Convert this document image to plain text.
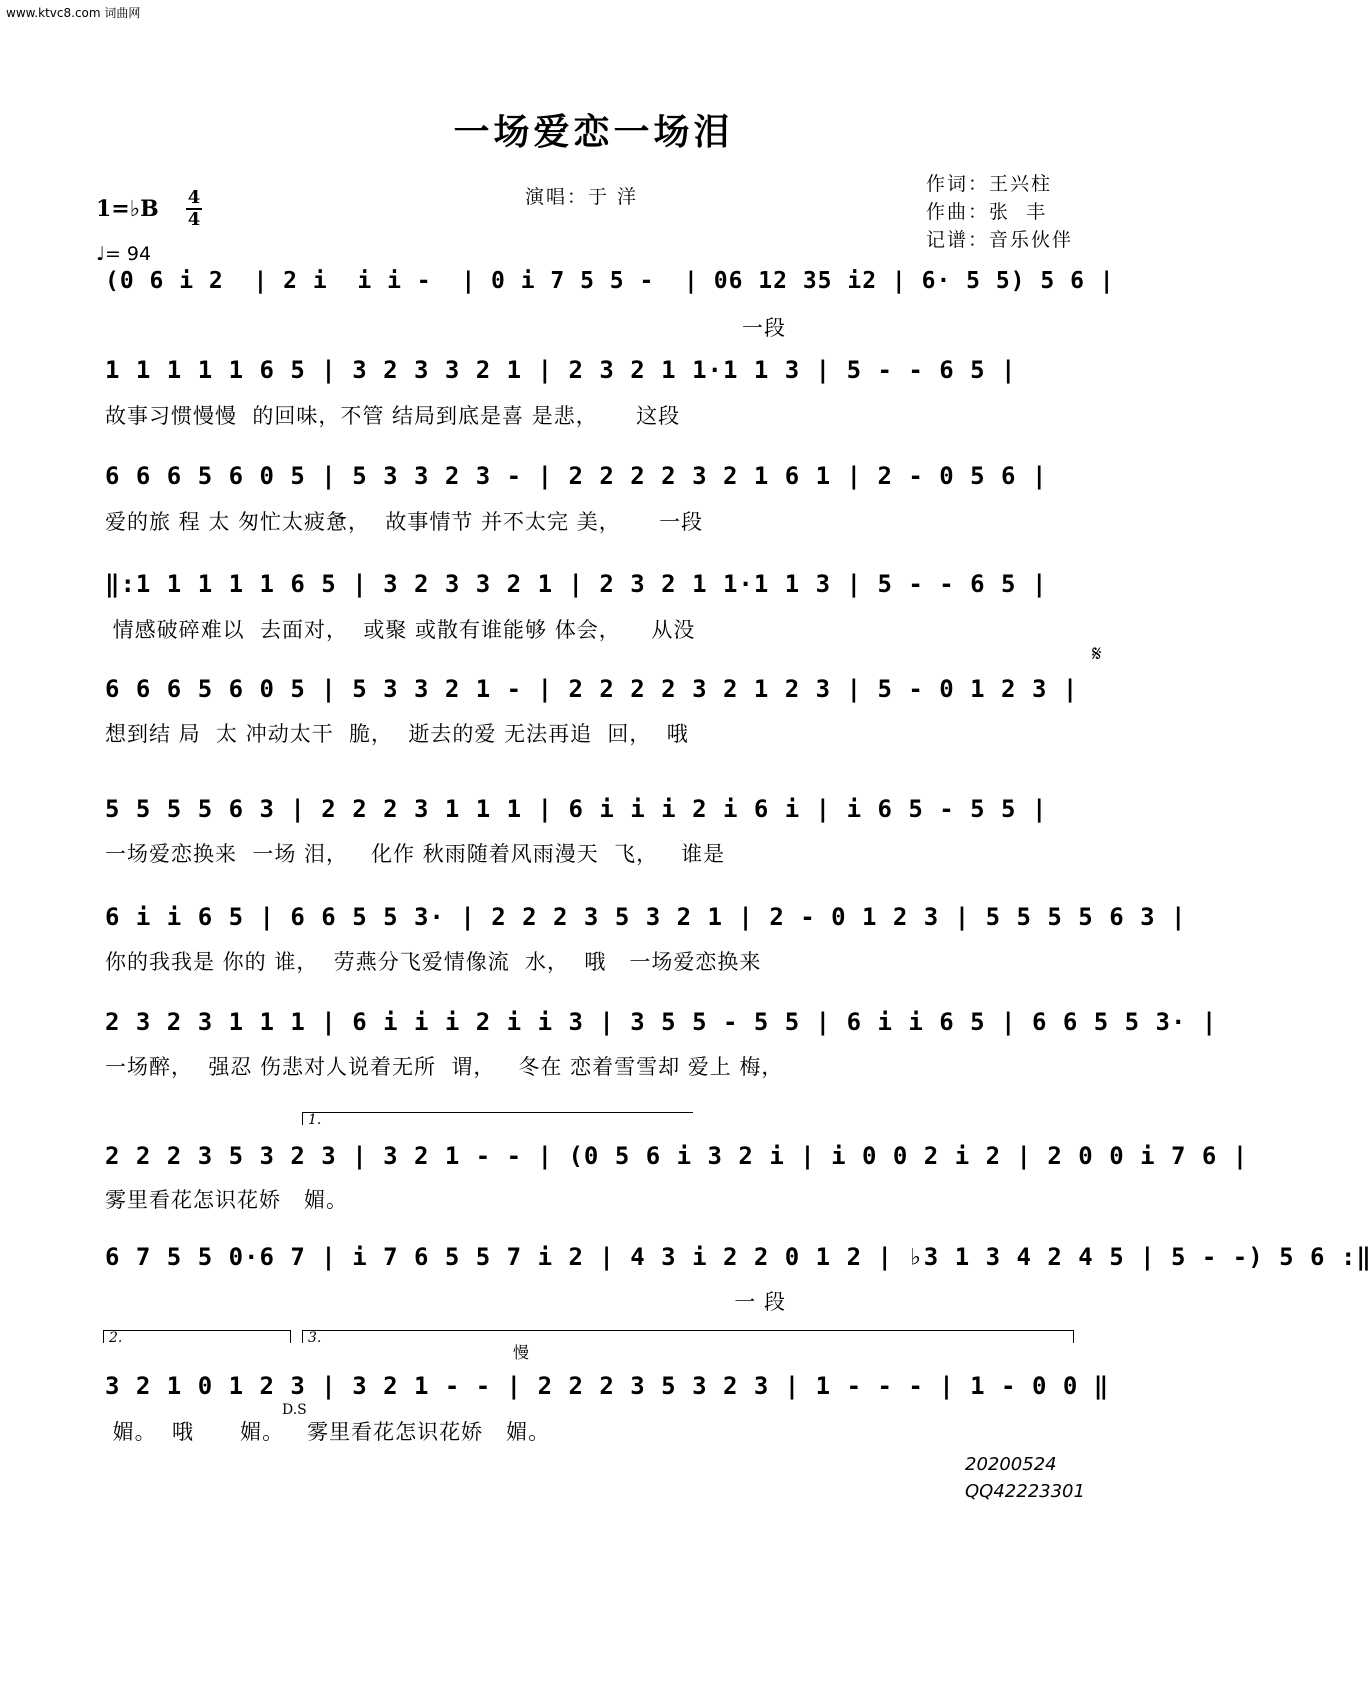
www.ktvc8.com 词曲网
一场爱恋一场泪
1=♭B 4
4
♩= 94
演唱：于 洋
作词：王兴柱
作曲：张  丰
记谱：音乐伙伴
(0 6 i 2  | 2 i  i i -  | 0 i 7 5 5 -  | 06 12 35 i2 | 6· 5 5) 5 6 |
一段
1 1 1 1 1 6 5 | 3 2 3 3 2 1 | 2 3 2 1 1·1 1 3 | 5 - - 6 5 |
故事习惯慢慢  的回味，不管 结局到底是喜 是悲，     这段
6 6 6 5 6 0 5 | 5 3 3 2 3 - | 2 2 2 2 3 2 1 6 1 | 2 - 0 5 6 |
爱的旅 程 太 匆忙太疲惫，  故事情节 并不太完 美，     一段
‖:1 1 1 1 1 6 5 | 3 2 3 3 2 1 | 2 3 2 1 1·1 1 3 | 5 - - 6 5 |
情感破碎难以  去面对，  或聚 或散有谁能够 体会，    从没
6 6 6 5 6 0 5 | 5 3 3 2 1 - | 2 2 2 2 3 2 1 2 3 | 5 - 0 1 2 3 |
想到结 局  太 冲动太干  脆，  逝去的爱 无法再追  回，  哦
𝄋
5 5 5 5 6 3 | 2 2 2 3 1 1 1 | 6 i i i 2 i 6 i | i 6 5 - 5 5 |
一场爱恋换来  一场 泪，   化作 秋雨随着风雨漫天  飞，   谁是
6 i i 6 5 | 6 6 5 5 3· | 2 2 2 3 5 3 2 1 | 2 - 0 1 2 3 | 5 5 5 5 6 3 |
你的我我是 你的 谁，  劳燕分飞爱情像流  水，  哦   一场爱恋换来
2 3 2 3 1 1 1 | 6 i i i 2 i i 3 | 3 5 5 - 5 5 | 6 i i 6 5 | 6 6 5 5 3· |
一场醉，  强忍 伤悲对人说着无所  谓，   冬在 恋着雪雪却 爱上 梅，
1.
2 2 2 3 5 3 2 3 | 3 2 1 - - | (0 5 6 i 3 2 i | i 0 0 2 i 2 | 2 0 0 i 7 6 |
雾里看花怎识花娇   媚。
6 7 5 5 0·6 7 | i 7 6 5 5 7 i 2 | 4 3 i 2 2 0 1 2 | ♭3 1 3 4 2 4 5 | 5 - -) 5 6 :‖
一 段
2.	3.
慢
3 2 1 0 1 2 3 | 3 2 1 - - | 2 2 2 3 5 3 2 3 | 1 - - - | 1 - 0 0 ‖
D.S
媚。  哦      媚。   雾里看花怎识花娇   媚。
20200524
QQ42223301
